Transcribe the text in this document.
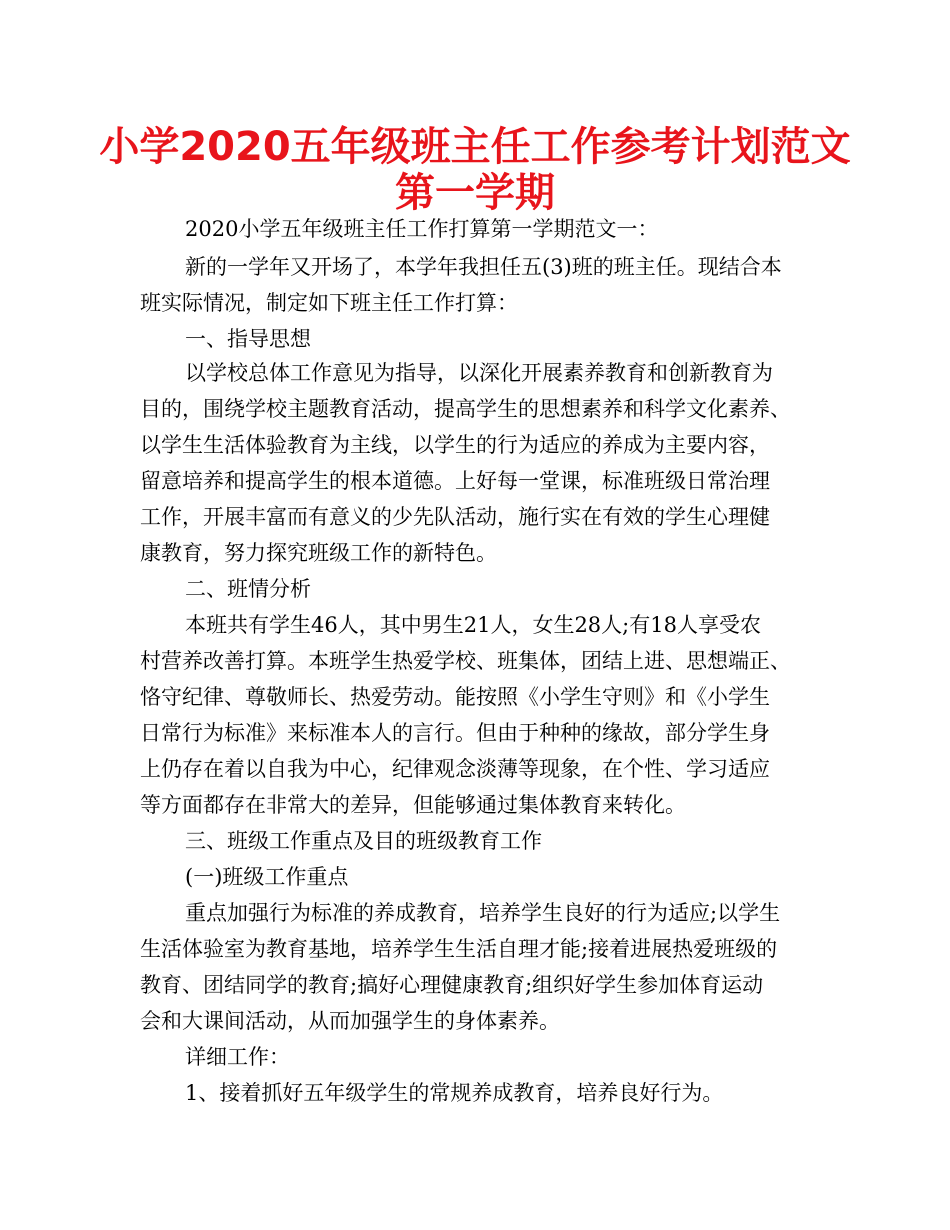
小学2020五年级班主任工作参考计划范文
第一学期
2020小学五年级班主任工作打算第一学期范文一：
新的一学年又开场了，本学年我担任五(3)班的班主任。现结合本
班实际情况，制定如下班主任工作打算：
一、指导思想
以学校总体工作意见为指导，以深化开展素养教育和创新教育为
目的，围绕学校主题教育活动，提高学生的思想素养和科学文化素养、
以学生生活体验教育为主线，以学生的行为适应的养成为主要内容，
留意培养和提高学生的根本道德。上好每一堂课，标准班级日常治理
工作，开展丰富而有意义的少先队活动，施行实在有效的学生心理健
康教育，努力探究班级工作的新特色。
二、班情分析
本班共有学生46人，其中男生21人，女生28人;有18人享受农
村营养改善打算。本班学生热爱学校、班集体，团结上进、思想端正、
恪守纪律、尊敬师长、热爱劳动。能按照《小学生守则》和《小学生
日常行为标准》来标准本人的言行。但由于种种的缘故，部分学生身
上仍存在着以自我为中心，纪律观念淡薄等现象，在个性、学习适应
等方面都存在非常大的差异，但能够通过集体教育来转化。
三、班级工作重点及目的班级教育工作
(一)班级工作重点
重点加强行为标准的养成教育，培养学生良好的行为适应;以学生
生活体验室为教育基地，培养学生生活自理才能;接着进展热爱班级的
教育、团结同学的教育;搞好心理健康教育;组织好学生参加体育运动
会和大课间活动，从而加强学生的身体素养。
详细工作：
1、接着抓好五年级学生的常规养成教育，培养良好行为。
